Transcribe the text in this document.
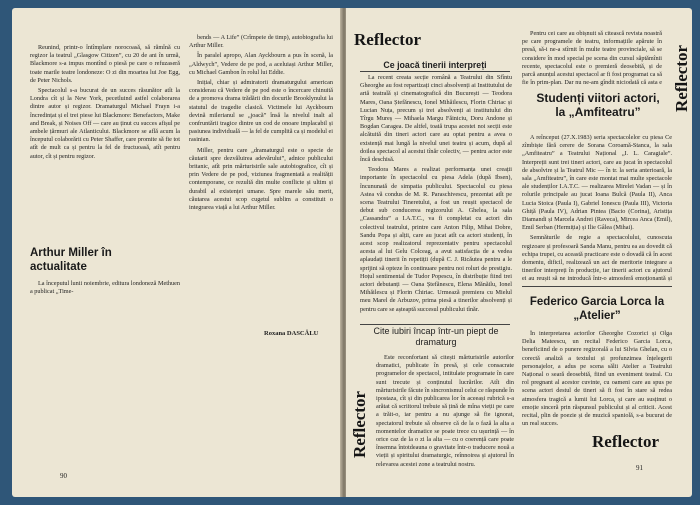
Reunind, printr-o întîmplare norocoasă, să rămînă cu regizor la teatrul „Glasgow Citizen”, cu 20 de ani în urmă, Blackmore s-a impus montînd o piesă pe care o refuzaseră toate marile teatre londoneze: O zi din moartea lui Joe Egg, de Peter Nichols.

Spectacolul s-a bucurat de un succes răsunător atît la Londra cît și la New York, pecetluind astfel colaborarea dintre autor și regizor. Dramaturgul Michael Frayn i-a încredințat și el trei piese lui Blackmore: Benefactors, Make and Break, și Noises Off — care au ținut cu succes afișul pe ambele țărmuri ale Atlanticului. Blackmore se află acum la începutul colaborării cu Peter Shaffer, care promite să fie tot atît de mult ca și pentru la fel de fructuoasă, atît pentru autor, cît și pentru regizor.

Arthur Miller în actualitate

La începutul lunii noiembrie, editura londoneză Methuen a publicat „Time-

bends — A Life” (Crîmpeie de timp), autobiografia lui Arthur Miller.

În paralel apropo, Alan Ayckbourn a pus în scenă, la „Aldwych”, Vedere de pe pod, a aceluiași Arthur Miller, cu Michael Gambon în rolul lui Eddie.

Inițial, chiar și admiratorii dramaturgului american considerau că Vedere de pe pod este o încercare chinuită de a promova drama trădării din docurile Brooklynului la statutul de tragedie clasică. Victimele lui Ayckbourn devină milerianul se „joacă” însă la nivelul inalt al confruntării tragice dintre un cod de onoare implacabil și pasiunea individuală — la fel de cumplită ca și modelul ei rasinian.

Miller, pentru care „dramaturgul este o specie de căutarii spre dezvăluirea adevărului”, adnice publicului britanic, atît prin mărturisirile sale autobiografice, cît și prin Vedere de pe pod, viziunea fragmentată a realității contemporane, ce rezultă din multe conflicte și ultim și durabil al existenței umane. Spre marele său merit, căutarea acestui scop cugetul sublim a constituit o integrarea viață a lui Arthur Miller.

Roxana DASCĂLU
90
Reflector
Reflector
Reflector	Reflector
Ce joacă tinerii interpreți

La recent creata secție română a Teatrului din Sfîntu Gheorghe au fost repartizați cinci absolvenți ai Institutului de artă teatrală și cinematografică din București — Teodora Mares, Oana Ștefănescu, Ionel Mihăilescu, Florin Chiriac și Lucian Nuța, precum și trei absolvenți ai institutului din Tîrgu Mureș — Mihaela Margu Făiniciu, Doru Andone și Bogdan Caragea. De altfel, toată trupa acestei noi secții este alcătuită din tineri actori care au optat pentru a avea o existență mai lungă la nivelul unei teatru și acum, după al doilea spectacol al acestui tînăr colectiv, — pentru actor este încă deschisă.

Teodora Mares a realizat performanța unei creații importante în spectacolul cu piesa Adela (după Ibsen), încununată de simpatia publicului. Spectacolul cu piesa Astea vă condus de M. R. Paraschivescu, prezentat atît pe scena Teatrului Tineretului, a fost un reușit spectacol de debut sub conducerea regizorului A. Ghelea, la sala „Cassandra” a I.A.T.C., va fi completat cu actori din colectivul teatrului, printre care Anton Filip, Mihai Dobre, Sandu Popa și alții, care au jucat atît ca actori studenți, în acest scop realizatorul reprezentativ pentru spectacolul acesta al lui Gelu Colceag, a avut satisfacția de a vedea aplaudați tinerii în repetiții (după C. J. Ricăutea pentru a le sprijini să opteze în continuare pentru noi roluri de prestigiu. Hoțul sentimental de Tudor Popescu, în distribuție fiind trei actori debutanți — Oana Ștefănescu, Elena Mănăilu, Ionel Mihăilescu și Florin Chiriac. Urmează premiera cu Mielul meu Marel de Arbuzov, prima piesă a tinerilor absolvenți și pentru care se așteaptă succesul publicului tînăr.

Cite iubiri încap într-un piept de dramaturg

Este reconfortant să citești mărturisirile autorilor dramatici, publicate în presă, și cele consacrate programelor de spectacol, intitulate programate în care sunt trecute și conținutul lucrărilor. Atît din mărturisirile făcute în sincronismul celui ce răspunde în ipostaza, cît și din publicarea lor în aceeași rubrică s-a arătat că scriitorul trebuie să țină de mîna vieții pe care a trăit-o, iar pentru a nu ajunge să fie ignorat, spectatorul trebuie să observe că de la o fază la alta a momentelor dramatice se poate trece cu ușurință — în orice caz de la o zi la alta — cu o coerență care poate însemna întotdeauna o gravitate într-o traducere nouă a vieții și spiritului dramaturgic, reînnoirea și ajutorul în relevarea acestei zone a teatrului nostru.

Pentru cei care au obișnuit să citească revista noastră pe care programele de teatru, informațiile apărute în presă, să-i ne-a stîrnit în multe teatre provinciale, să se considere în mod special pe scena din cursul săptămînii recente, spectacolul este o premieră deosebită, și de parcă anunțul acestui spectacol ar fi fost programat ca să fie în prim-plan. Dar nu ne-am gîndit niciodată că asta e

Studenți viitori actori, la „Amfiteatru”

A reînceput (27.X.1983) seria spectacolelor cu piesa Ce zîmbiște fără cerere de Sorana Coroamă-Stanca, la sala „Amfiteatru” a Teatrului Național „I. L. Caragiale”. Interpreții sunt trei tineri actori, care au jucat în spectacolul de absolvire și la Teatrul Mic — în tr. la seria anterioară, la sala „Amfiteatru”, în care este montat mai multe spectacole ale studenților I.A.T.C. — realizarea Mirelei Vadan — și în rolurile principale au jucat Ioana Bulcă (Paula II), Anca Lucia Stoica (Paula I), Gabriel Ionescu (Paula III), Victoria Ghiță (Paula IV), Adrian Pintea (Bacio (Corina), Aristița Diamandi și Marcela Andrei (Raveca), Mircea Anca (Emil), Emil Serban (Hermiția) și Ilie Gâlea (Mihai).

Semnăturile de regie a spectacolului, cunoscuta regizoare și profesoară Sanda Manu, pentru ea au dovedit că echipa trupei, cu această practicare este o dovadă că în acest domeniu, dificil, realizează un act de meritorie integrare a tinerilor interpreți în producție, iar tinerii actori cu ajutorul ei au reușit să ne introducă într-o atmosferă emoționantă și

Federico Garcia Lorca la „Atelier”

În interpretarea actorilor Gheorghe Cozorici și Olga Delia Mateescu, un recital Federico Garcia Lorca, beneficiind de o punere regizorală a lui Silvia Ghelan, cu o corectă analiză a textului și profunzimea înțelegerii personajelor, a adus pe scena sălii Atelier a Teatrului Național o seară deosebită, fiind un eveniment teatral. Cu rol pregnant al acestor cuvinte, cu oameni care au spus pe scena actori destul de tineri să fi fost în stare să redea atmosfera tragică a lumii lui Lorca, și care au susținut o emoție sinceră prin răspunsul publicului și al criticii. Acest recital, plin de poezie și de muzică spaniolă, s-a bucurat de un real succes.

91
